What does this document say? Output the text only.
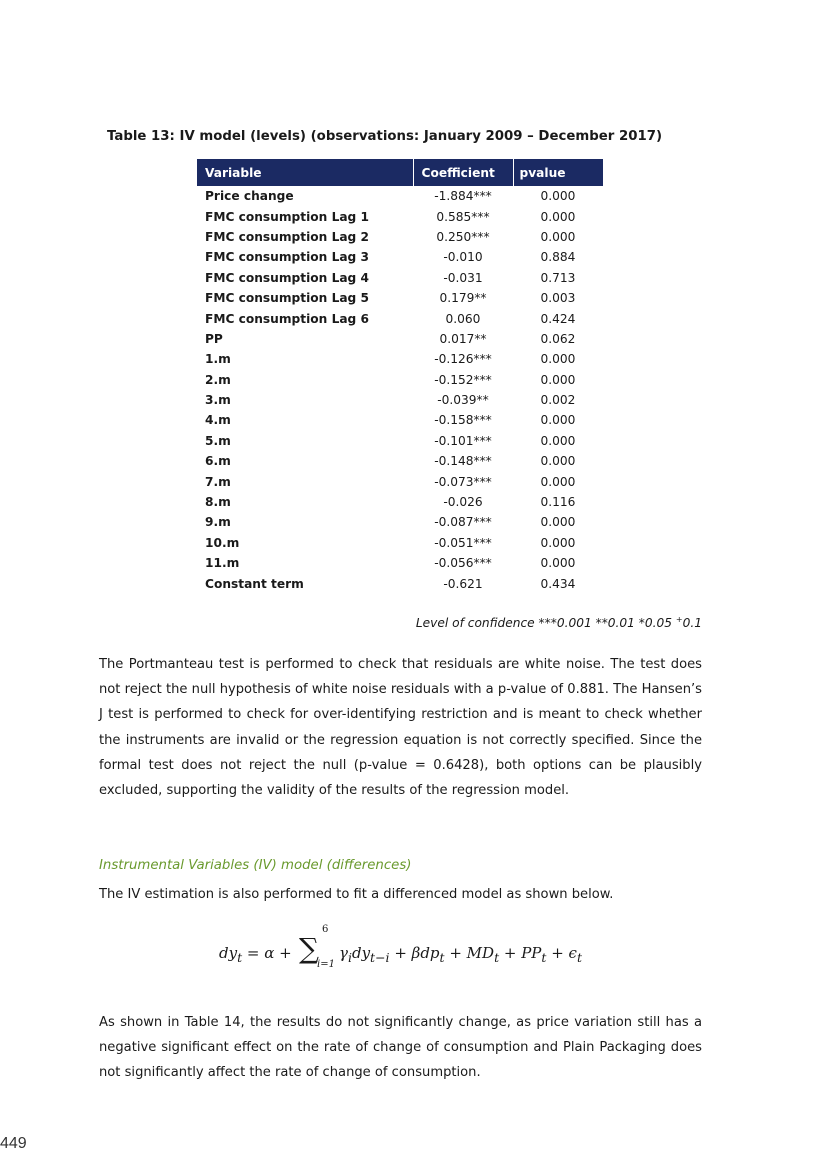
Table 13: IV model (levels) (observations: January 2009 – December 2017)
Variable	Coefficient	pvalue
Price change	-1.884***	0.000
FMC consumption Lag 1	0.585***	0.000
FMC consumption Lag 2	0.250***	0.000
FMC consumption Lag 3	-0.010	0.884
FMC consumption Lag 4	-0.031	0.713
FMC consumption Lag 5	0.179**	0.003
FMC consumption Lag 6	0.060	0.424
PP	0.017**	0.062
1.m	-0.126***	0.000
2.m	-0.152***	0.000
3.m	-0.039**	0.002
4.m	-0.158***	0.000
5.m	-0.101***	0.000
6.m	-0.148***	0.000
7.m	-0.073***	0.000
8.m	-0.026	0.116
9.m	-0.087***	0.000
10.m	-0.051***	0.000
11.m	-0.056***	0.000
Constant term	-0.621	0.434
Level of confidence ***0.001 **0.01 *0.05 +0.1
The Portmanteau test is performed to check that residuals are white noise. The test does not reject the null hypothesis of white noise residuals with a p-value of 0.881. The Hansen’s J test is performed to check for over-identifying restriction and is meant to check whether the instruments are invalid or the regression equation is not correctly specified. Since the formal test does not reject the null (p-value = 0.6428), both options can be plausibly excluded, supporting the validity of the results of the regression model.
Instrumental Variables (IV) model (differences)
The IV estimation is also performed to fit a differenced model as shown below.
$dy_t = \alpha$ + ∑
6
i=1
$\gamma_idy_{t-i} + \beta dp_t + MD_t + PP_t + \epsilon_t$
As shown in Table 14, the results do not significantly change, as price variation still has a negative significant effect on the rate of change of consumption and Plain Packaging does not significantly affect the rate of change of consumption.
449
